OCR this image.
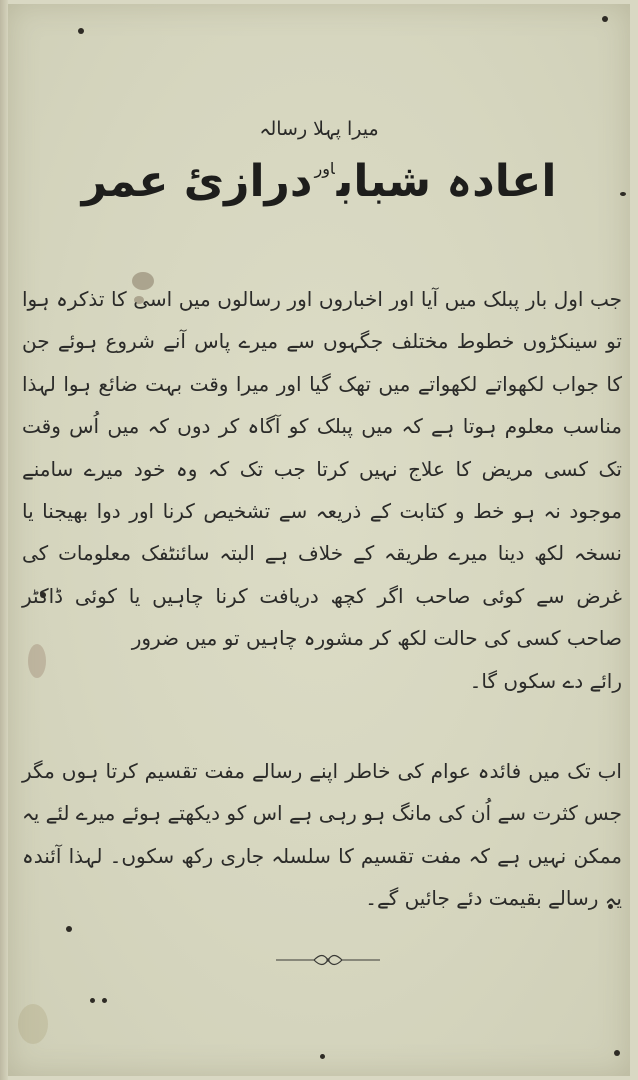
میرا پہلا رسالہ
اعادہ شباب$^{اور}$درازیٔ عمر

جب اول بار پبلک میں آیا اور اخباروں اور رسالوں میں اسی کا تذکرہ ہوا تو سینکڑوں خطوط مختلف جگہوں سے میرے پاس آنے شروع ہوئے جن کا جواب لکھواتے لکھواتے میں تھک گیا اور میرا وقت بہت ضائع ہوا لہذا مناسب معلوم ہوتا ہے کہ میں پبلک کو آگاہ کر دوں کہ میں اُس وقت تک کسی مریض کا علاج نہیں کرتا جب تک کہ وہ خود میرے سامنے موجود نہ ہو خط و کتابت کے ذریعہ سے تشخیص کرنا اور دوا بھیجنا یا نسخہ لکھ دینا میرے طریقہ کے خلاف ہے البتہ سائنٹفک معلومات کی غرض سے کوئی صاحب اگر کچھ دریافت کرنا چاہیں یا کوئی ڈاکٹر صاحب کسی کی حالت لکھ کر مشورہ چاہیں تو میں ضرور
رائے دے سکوں گا۔

اب تک میں فائدہ عوام کی خاطر اپنے رسالے مفت تقسیم کرتا ہوں مگر جس کثرت سے اُن کی مانگ ہو رہی ہے اس کو دیکھتے ہوئے میرے لئے یہ ممکن نہیں ہے کہ مفت تقسیم کا سلسلہ جاری رکھ سکوں۔ لہذا آئندہ یہ رسالے بقیمت دئے جائیں گے۔
